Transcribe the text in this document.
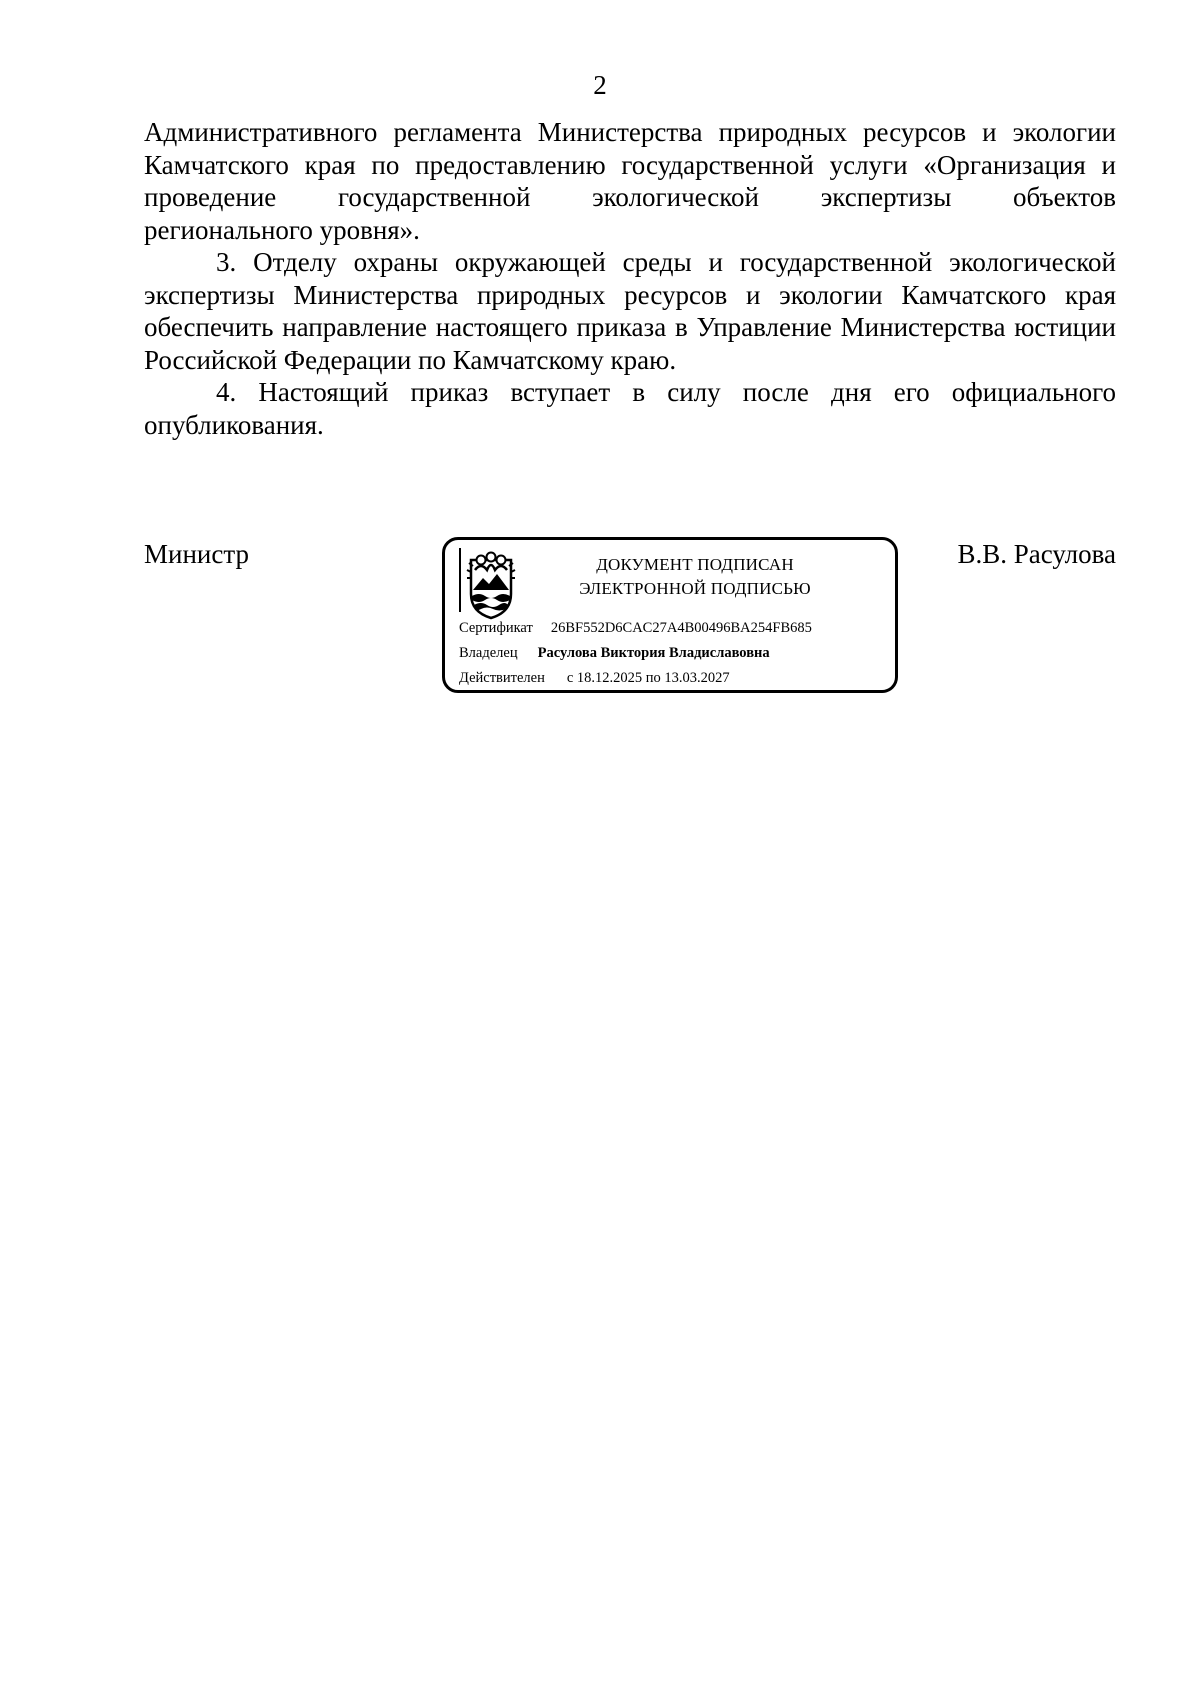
2

Административного регламента Министерства природных ресурсов и экологии

Камчатского края по предоставлению государственной услуги «Организация и

проведение государственной экологической экспертизы объектов

регионального уровня».

3. Отделу охраны окружающей среды и государственной экологической экспертизы Министерства природных ресурсов и экологии Камчатского края обеспечить направление настоящего приказа в Управление Министерства юстиции Российской Федерации по Камчатскому краю.

4. Настоящий приказ вступает в силу после дня его официального опубликования.

Министр	В.В. Расулова
ДОКУМЕНТ ПОДПИСАН
ЭЛЕКТРОННОЙ ПОДПИСЬЮ
Сертификат 26BF552D6CAC27A4B00496BA254FB685
Владелец Расулова Виктория Владиславовна
Действителен с 18.12.2025 по 13.03.2027
